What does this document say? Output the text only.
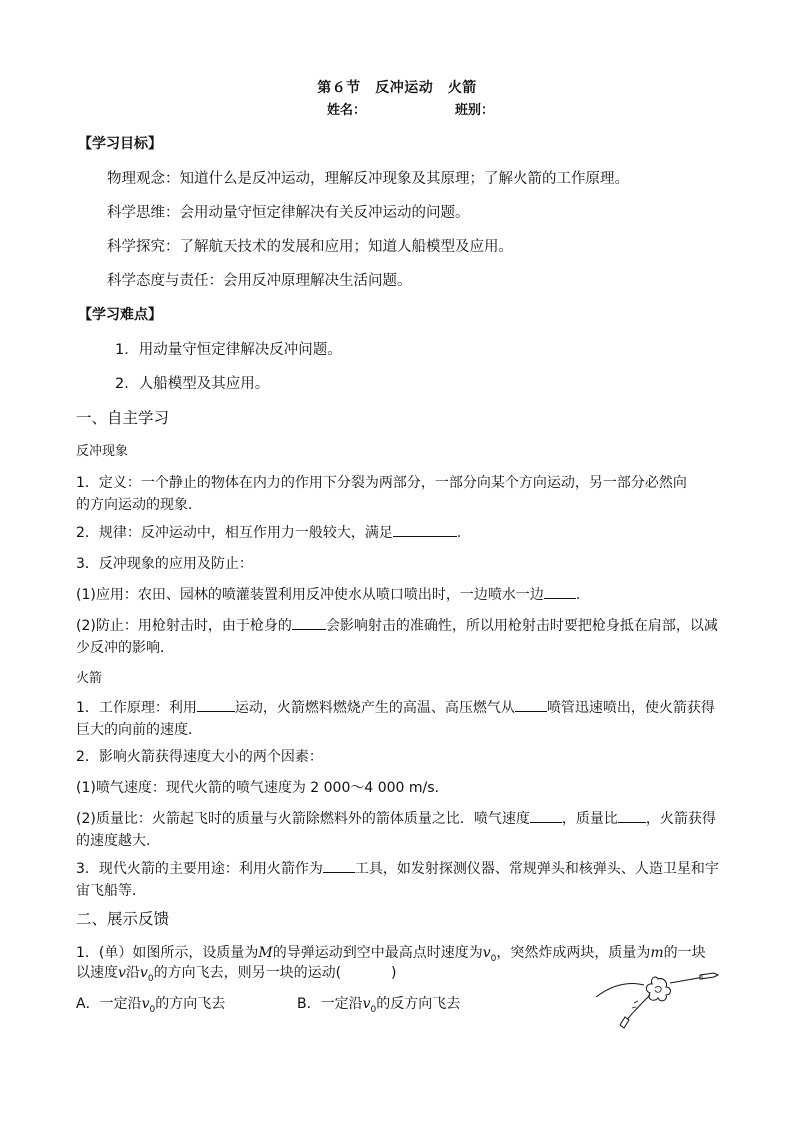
第６节　反冲运动　火箭
姓名：	班别：
【学习目标】
物理观念：知道什么是反冲运动，理解反冲现象及其原理；了解火箭的工作原理。
科学思维：会用动量守恒定律解决有关反冲运动的问题。
科学探究：了解航天技术的发展和应用；知道人船模型及应用。
科学态度与责任：会用反冲原理解决生活问题。
【学习难点】
1．用动量守恒定律解决反冲问题。
2．人船模型及其应用。
一、自主学习
反冲现象
1．定义：一个静止的物体在内力的作用下分裂为两部分，一部分向某个方向运动，另一部分必然向
的方向运动的现象．
2．规律：反冲运动中，相互作用力一般较大，满足	.
3．反冲现象的应用及防止：
(1)应用：农田、园林的喷灌装置利用反冲使水从喷口喷出时，一边喷水一边 .
(2)防止：用枪射击时，由于枪身的 会影响射击的准确性，所以用枪射击时要把枪身抵在肩部，以减
少反冲的影响．
火箭
1．工作原理：利用	运动，火箭燃料燃烧产生的高温、高压燃气从 喷管迅速喷出，使火箭获得
巨大的向前的速度．
2．影响火箭获得速度大小的两个因素：
(1)喷气速度：现代火箭的喷气速度为 2 000～4 000 m/s.
(2)质量比：火箭起飞时的质量与火箭除燃料外的箭体质量之比．喷气速度 ，质量比 ，火箭获得
的速度越大．
3．现代火箭的主要用途：利用火箭作为 工具，如发射探测仪器、常规弹头和核弹头、人造卫星和宇
宙飞船等．
二、展示反馈
1．(单）如图所示，设质量为M的导弹运动到空中最高点时速度为$v_0$，突然炸成两块，质量为m的一块
以速度v沿$v_0$的方向飞去，则另一块的运动(	)
A．一定沿$v_0$的方向飞去	B．一定沿$v_0$的反方向飞去
